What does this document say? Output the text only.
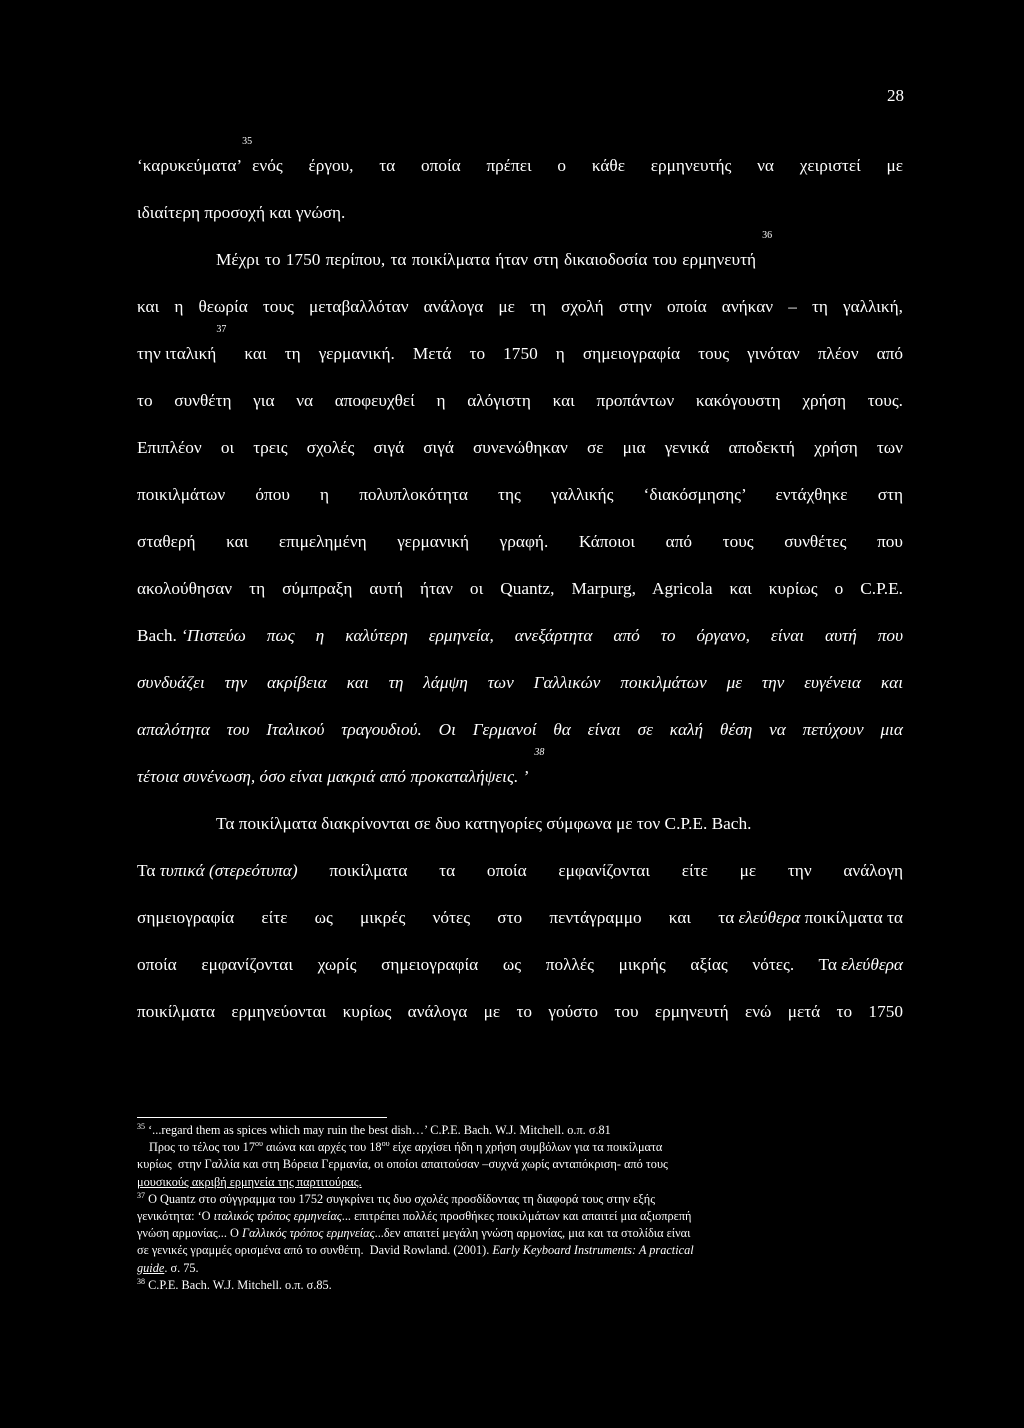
28
‘καρυκεύματα’
35
ενός έργου, τα οποία πρέπει ο κάθε ερμηνευτής να χειριστεί με
ιδιαίτερη προσοχή και γνώση.
Μέχρι το 1750 περίπου, τα ποικίλματα ήταν στη δικαιοδοσία του ερμηνευτή
36
και η θεωρία τους μεταβαλλόταν ανάλογα με τη σχολή στην οποία ανήκαν – τη γαλλική,
την ιταλική
37
και τη γερμανική. Μετά το 1750 η σημειογραφία τους γινόταν πλέον από
το συνθέτη για να αποφευχθεί η αλόγιστη και προπάντων κακόγουστη χρήση τους.
Επιπλέον οι τρεις σχολές σιγά σιγά συνενώθηκαν σε μια γενικά αποδεκτή χρήση των
ποικιλμάτων όπου η πολυπλοκότητα της γαλλικής ‘διακόσμησης’ εντάχθηκε στη
σταθερή και επιμελημένη γερμανική γραφή. Κάποιοι από τους συνθέτες που
ακολούθησαν τη σύμπραξη αυτή ήταν οι Quantz, Marpurg, Agricola και κυρίως ο C.P.E.
Bach. ‘Πιστεύω πως η καλύτερη ερμηνεία, ανεξάρτητα από το όργανο, είναι αυτή που
συνδυάζει την ακρίβεια και τη λάμψη των Γαλλικών ποικιλμάτων με την ευγένεια και
απαλότητα του Ιταλικού τραγουδιού. Οι Γερμανοί θα είναι σε καλή θέση να πετύχουν μια
τέτοια συνένωση, όσο είναι μακριά από προκαταλήψεις. ’
38
Τα ποικίλματα διακρίνονται σε δυο κατηγορίες σύμφωνα με τον C.P.E. Bach.
Τα τυπικά (στερεότυπα) ποικίλματα τα οποία εμφανίζονται είτε με την ανάλογη
σημειογραφία είτε ως μικρές νότες στο πεντάγραμμο και τα
ελεύθερα ποικίλματα τα
οποία εμφανίζονται χωρίς σημειογραφία ως πολλές μικρής αξίας νότες. Τα
ελεύθερα
ποικίλματα ερμηνεύονται κυρίως ανάλογα με το γούστο του ερμηνευτή ενώ μετά το 1750
$^{35}$ ‘...regard them as spices which may ruin the best dish…’ C.P.E. Bach. W.J. Mitchell. ο.π. σ.81
Προς το τέλος του $17^{o\upsilon}$ αιώνα και αρχές του $18^{o\upsilon}$ είχε αρχίσει ήδη η χρήση συμβόλων για τα ποικίλματα
κυρίως  στην Γαλλία και στη Βόρεια Γερμανία, οι οποίοι απαιτούσαν –συχνά χωρίς ανταπόκριση- από τους
μουσικούς ακριβή ερμηνεία της παρτιτούρας.
$^{37}$ Ο Quantz στο σύγγραμμα του 1752 συγκρίνει τις δυο σχολές προσδίδοντας τη διαφορά τους στην εξής
γενικότητα: ‘Ο ιταλικός τρόπος ερμηνείας... επιτρέπει πολλές προσθήκες ποικιλμάτων και απαιτεί μια αξιοπρεπή
γνώση αρμονίας... Ο Γαλλικός τρόπος ερμηνείας...δεν απαιτεί μεγάλη γνώση αρμονίας, μια και τα στολίδια είναι
σε γενικές γραμμές ορισμένα από το συνθέτη.  David Rowland. (2001). Early Keyboard Instruments: A practical
guide. σ. 75.
$^{38}$ C.P.E. Bach. W.J. Mitchell. ο.π. σ.85.
